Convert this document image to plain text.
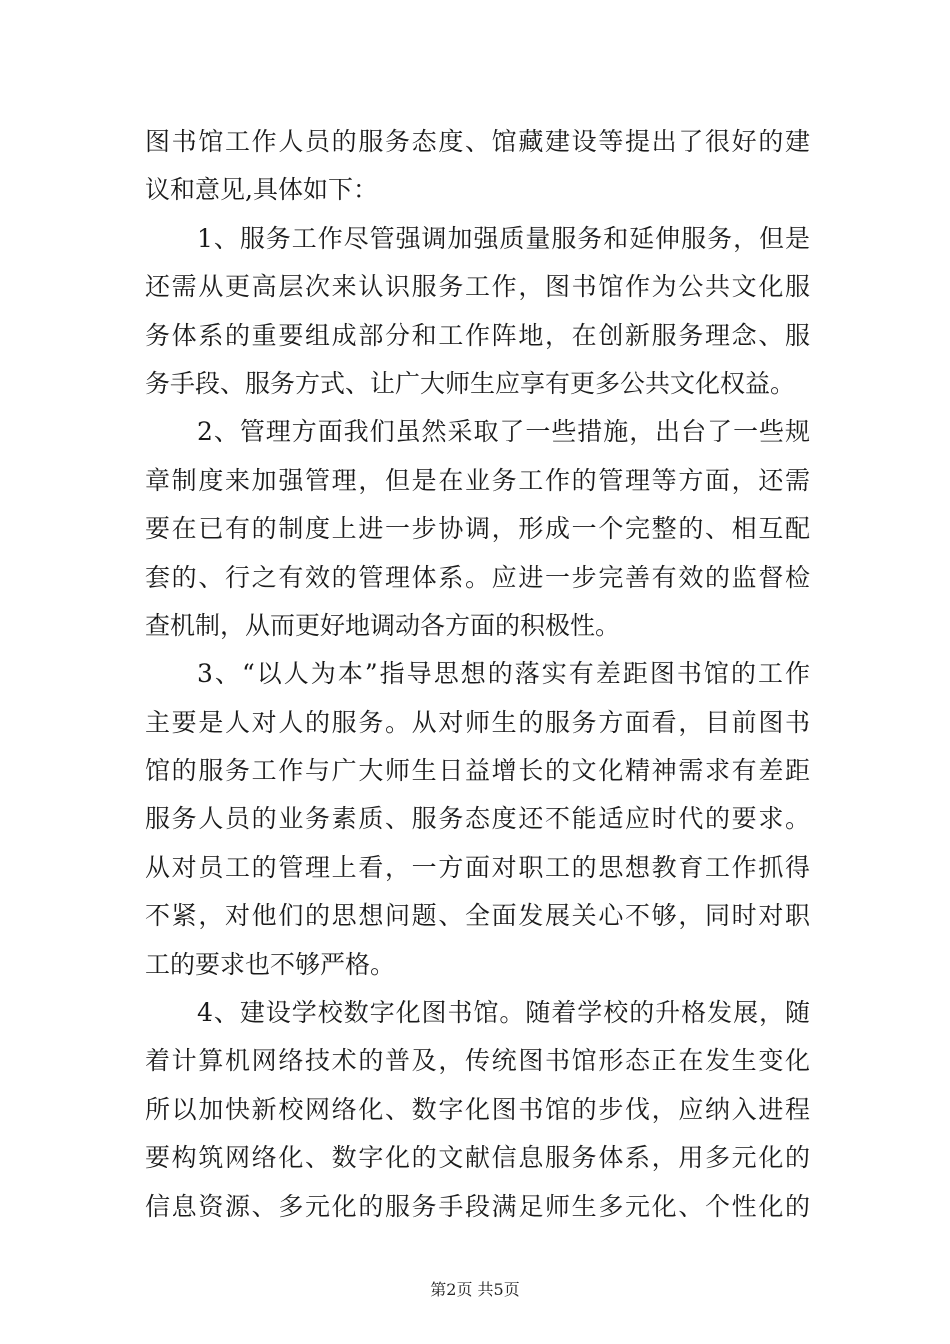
图书馆工作人员的服务态度、馆藏建设等提出了很好的建
议和意见,具体如下：
1、服务工作尽管强调加强质量服务和延伸服务，但是
还需从更高层次来认识服务工作，图书馆作为公共文化服
务体系的重要组成部分和工作阵地，在创新服务理念、服
务手段、服务方式、让广大师生应享有更多公共文化权益。
2、管理方面我们虽然采取了一些措施，出台了一些规
章制度来加强管理，但是在业务工作的管理等方面，还需
要在已有的制度上进一步协调，形成一个完整的、相互配
套的、行之有效的管理体系。应进一步完善有效的监督检
查机制，从而更好地调动各方面的积极性。
3、“以人为本”指导思想的落实有差距图书馆的工作
主要是人对人的服务。从对师生的服务方面看，目前图书
馆的服务工作与广大师生日益增长的文化精神需求有差距
服务人员的业务素质、服务态度还不能适应时代的要求。
从对员工的管理上看，一方面对职工的思想教育工作抓得
不紧，对他们的思想问题、全面发展关心不够，同时对职
工的要求也不够严格。
4、建设学校数字化图书馆。随着学校的升格发展，随
着计算机网络技术的普及，传统图书馆形态正在发生变化
所以加快新校网络化、数字化图书馆的步伐，应纳入进程
要构筑网络化、数字化的文献信息服务体系，用多元化的
信息资源、多元化的服务手段满足师生多元化、个性化的
第2页 共5页
